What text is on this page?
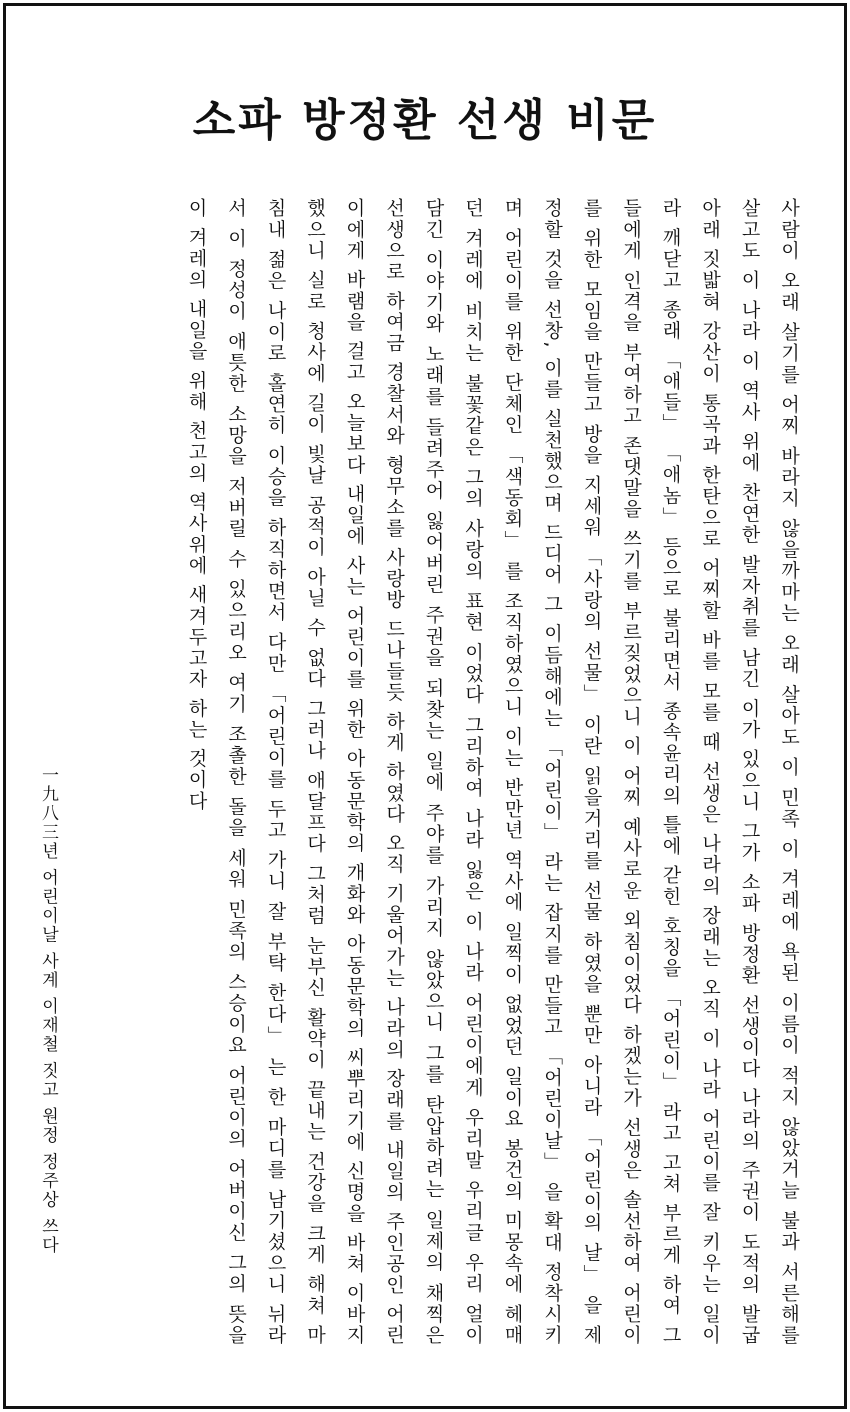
소파 방정환 선생 비문

사람이 오래 살기를 어찌 바라지 않을까마는 오래 살아도 이 민족 이 겨레에 욕된 이름이 적지 않았거늘 불과 서른해를 살고도 이 나라 이 역사 위에 찬연한 발자취를 남긴 이가 있으니 그가 소파 방정환 선생이다 나라의 주권이 도적의 발굽 아래 짓밟혀 강산이 통곡과 한탄으로 어찌할 바를 모를 때 선생은 나라의 장래는 오직 이 나라 어린이를 잘 키우는 일이라 깨닫고 종래 「애들」 「애놈」 등으로 불리면서 종속윤리의 틀에 갇힌 호칭을 「어린이」 라고 고쳐 부르게 하여 그들에게 인격을 부여하고 존댓말을 쓰기를 부르짖었으니 이 어찌 예사로운 외침이었다 하겠는가 선생은 솔선하여 어린이를 위한 모임을 만들고 방을 지세워 「사랑의 선물」 이란 읽을거리를 선물 하였을 뿐만 아니라 「어린이의 날」 을 제정할 것을 선창, 이를 실천했으며 드디어 그 이듬해에는 「어린이」 라는 잡지를 만들고 「어린이날」 을 확대 정착시키며 어린이를 위한 단체인 「색동회」 를 조직하였으니 이는 반만년 역사에 일찍이 없었던 일이요 봉건의 미몽속에 헤매던 겨레에 비치는 불꽃같은 그의 사랑의 표현 이었다 그리하여 나라 잃은 이 나라 어린이에게 우리말 우리글 우리 얼이 담긴 이야기와 노래를 들려주어 잃어버린 주권을 되찾는 일에 주야를 가리지 않았으니 그를 탄압하려는 일제의 채찍은 선생으로 하여금 경찰서와 형무소를 사랑방 드나들듯 하게 하였다 오직 기울어가는 나라의 장래를 내일의 주인공인 어린이에게 바램을 걸고 오늘보다 내일에 사는 어린이를 위한 아동문학의 개화와 아동문학의 씨뿌리기에 신명을 바쳐 이바지했으니 실로 청사에 길이 빛날 공적이 아닐 수 없다 그러나 애달프다 그처럼 눈부신 활약이 끝내는 건강을 크게 해쳐 마침내 젊은 나이로 홀연히 이승을 하직하면서 다만 「어린이를 두고 가니 잘 부탁 한다」 는 한 마디를 남기셨으니 뉘라서 이 정성이 애틋한 소망을 저버릴 수 있으리오 여기 조촐한 돌을 세워 민족의 스승이요 어린이의 어버이신 그의 뜻을 이 겨레의 내일을 위해 천고의 역사위에 새겨두고자 하는 것이다

一九八三년 어린이날 사계 이재철 짓고 원정 정주상 쓰다
